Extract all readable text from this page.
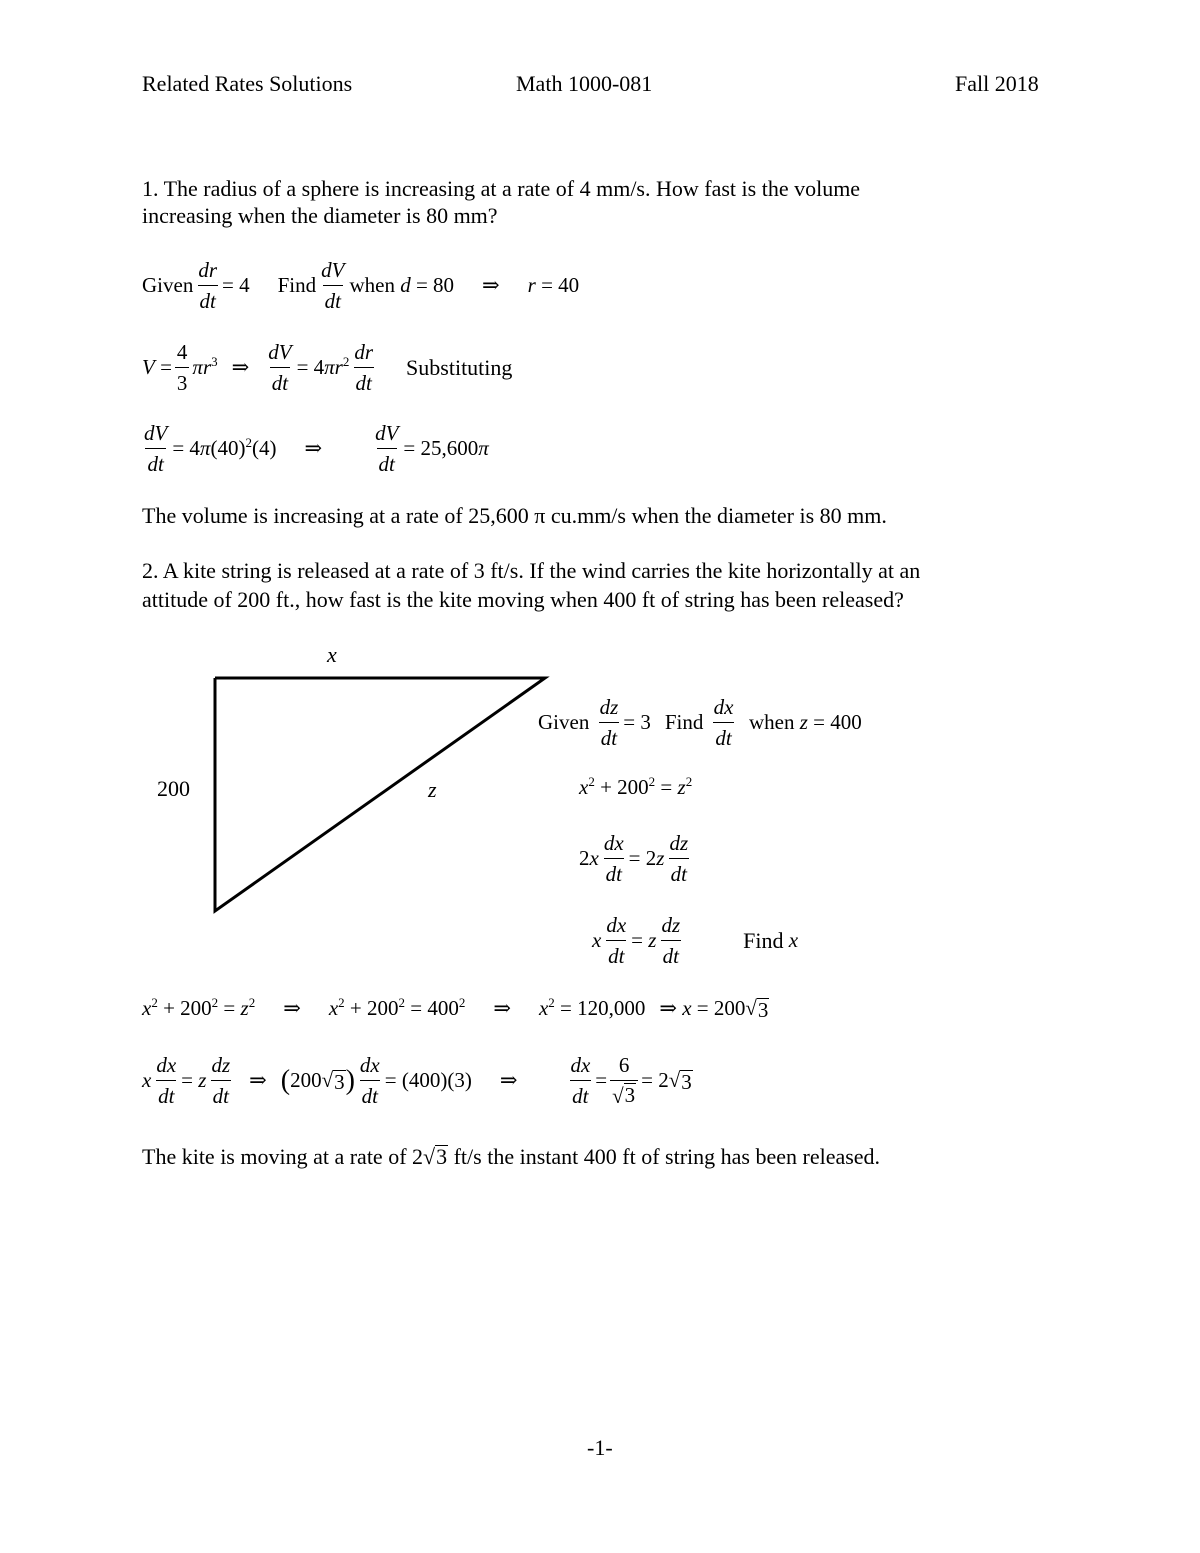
Related Rates Solutions	Math 1000-081	Fall 2018
1. The radius of a sphere is increasing at a rate of 4 mm/s. How fast is the volume
increasing when the diameter is 80 mm?
Given $\frac{dr}{dt} = 4$ Find $\frac{dV}{dt}$ when d = 80 ⇒ r = 40
$V = \frac{4}{3} \pi r^3$ ⇒ $\frac{dV}{dt} = 4\pi r^2 \frac{dr}{dt}$ Substituting
$\frac{dV}{dt} = 4\pi(40)^2(4)$ ⇒ $\frac{dV}{dt} = 25,600\pi$
The volume is increasing at a rate of 25,600 π cu.mm/s when the diameter is 80 mm.
2. A kite string is released at a rate of 3 ft/s. If the wind carries the kite horizontally at an
attitude of 200 ft., how fast is the kite moving when 400 ft of string has been released?
x
200	z
Given
$\frac{dz}{dt} = 3$ Find
$\frac{dx}{dt}$
when z = 400
$x^2 + 200^2 = z^2$
$2x \frac{dx}{dt} = 2z \frac{dz}{dt}$
x $\frac{dx}{dt} = z \frac{dz}{dt}$	Find x
$x^2 + 200^2 = z^2$ ⇒ $x^2 + 200^2 = 400^2$ ⇒ $x^2 = 120,000$ ⇒ x = 200 √ 3
x $\frac{dx}{dt} = z \frac{dz}{dt}$ ⇒ ( 200 √ 3 ) $\frac{dx}{dt} = (400)(3)$ ⇒ $\frac{dx}{dt} = \frac{6}{√ 3} = 2$ √ 3
The kite is moving at a rate of 2 √ 3 ft/s the instant 400 ft of string has been released.
-1-
